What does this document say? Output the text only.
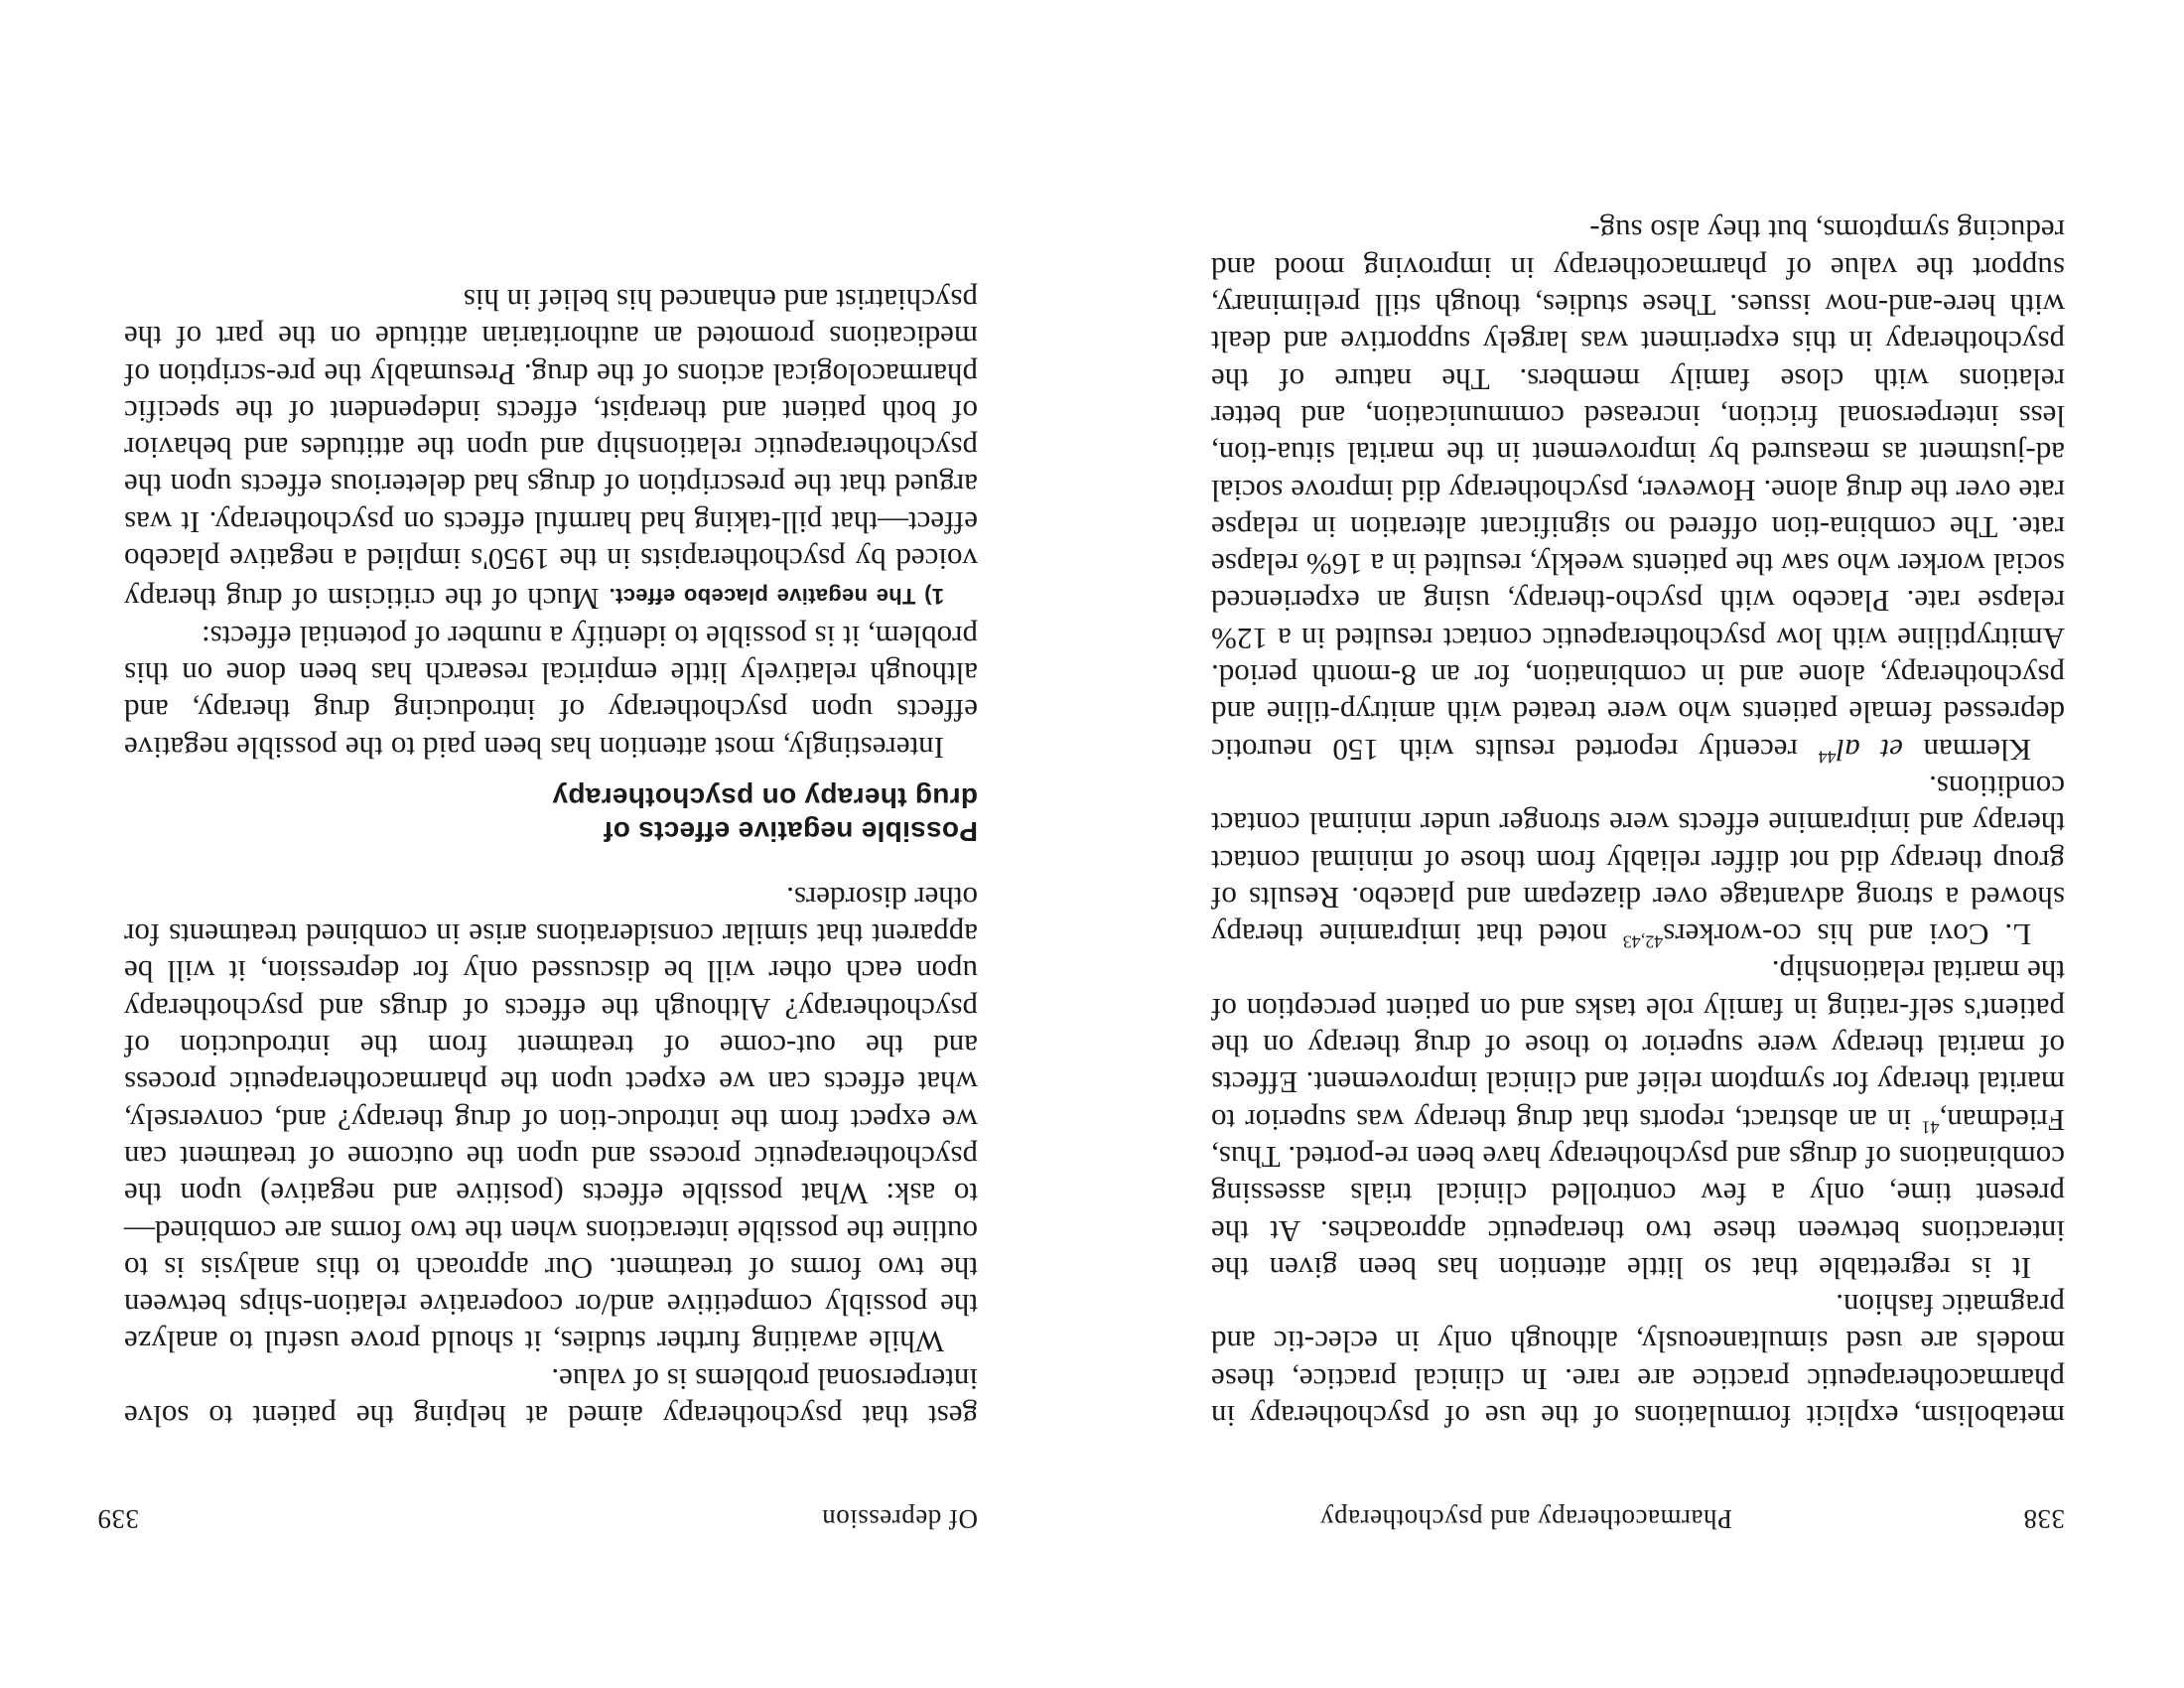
338
Pharmacotherapy and psychotherapy

metabolism, explicit formulations of the use of psychotherapy in pharmacotherapeutic practice are rare. In clinical practice, these models are used simultaneously, although only in eclec-tic and pragmatic fashion.

It is regrettable that so little attention has been given the interactions between these two therapeutic approaches. At the present time, only a few controlled clinical trials assessing combinations of drugs and psychotherapy have been re-ported. Thus, Friedman,$^{41}$ in an abstract, reports that drug therapy was superior to marital therapy for symptom relief and clinical improvement. Effects of marital therapy were superior to those of drug therapy on the patient's self-rating in family role tasks and on patient perception of the marital relationship.

L. Covi and his co-workers$^{42,43}$ noted that imipramine therapy showed a strong advantage over diazepam and placebo. Results of group therapy did not differ reliably from those of minimal contact therapy and imipramine effects were stronger under minimal contact conditions.

Klerman et $al^{44}$ recently reported results with 150 neurotic depressed female patients who were treated with amitryp-tiline and psychotherapy, alone and in combination, for an 8-month period. Amitryptiline with low psychotherapeutic contact resulted in a 12% relapse rate. Placebo with psycho-therapy, using an experienced social worker who saw the patients weekly, resulted in a 16% relapse rate. The combina-tion offered no significant alteration in relapse rate over the drug alone. However, psychotherapy did improve social ad-justment as measured by improvement in the marital situa-tion, less interpersonal friction, increased communication, and better relations with close family members. The nature of the psychotherapy in this experiment was largely supportive and dealt with here-and-now issues. These studies, though still preliminary, support the value of pharmacotherapy in improving mood and reducing symptoms, but they also sug-

Of depression
339

gest that psychotherapy aimed at helping the patient to solve interpersonal problems is of value.

While awaiting further studies, it should prove useful to analyze the possibly competitive and/or cooperative relation-ships between the two forms of treatment. Our approach to this analysis is to outline the possible interactions when the two forms are combined—to ask: What possible effects (positive and negative) upon the psychotherapeutic process and upon the outcome of treatment can we expect from the introduc-tion of drug therapy? and, conversely, what effects can we expect upon the pharmacotherapeutic process and the out-come of treatment from the introduction of psychotherapy? Although the effects of drugs and psychotherapy upon each other will be discussed only for depression, it will be apparent that similar considerations arise in combined treatments for other disorders.

Possible negative effects of
drug therapy on psychotherapy

Interestingly, most attention has been paid to the possible negative effects upon psychotherapy of introducing drug therapy, and although relatively little empirical research has been done on this problem, it is possible to identify a number of potential effects:

1) The negative placebo effect. Much of the criticism of drug therapy voiced by psychotherapists in the 1950's implied a negative placebo effect—that pill-taking had harmful effects on psychotherapy. It was argued that the prescription of drugs had deleterious effects upon the psychotherapeutic relationship and upon the attitudes and behavior of both patient and therapist, effects independent of the specific pharmacological actions of the drug. Presumably the pre-scription of medications promoted an authoritarian attitude on the part of the psychiatrist and enhanced his belief in his
